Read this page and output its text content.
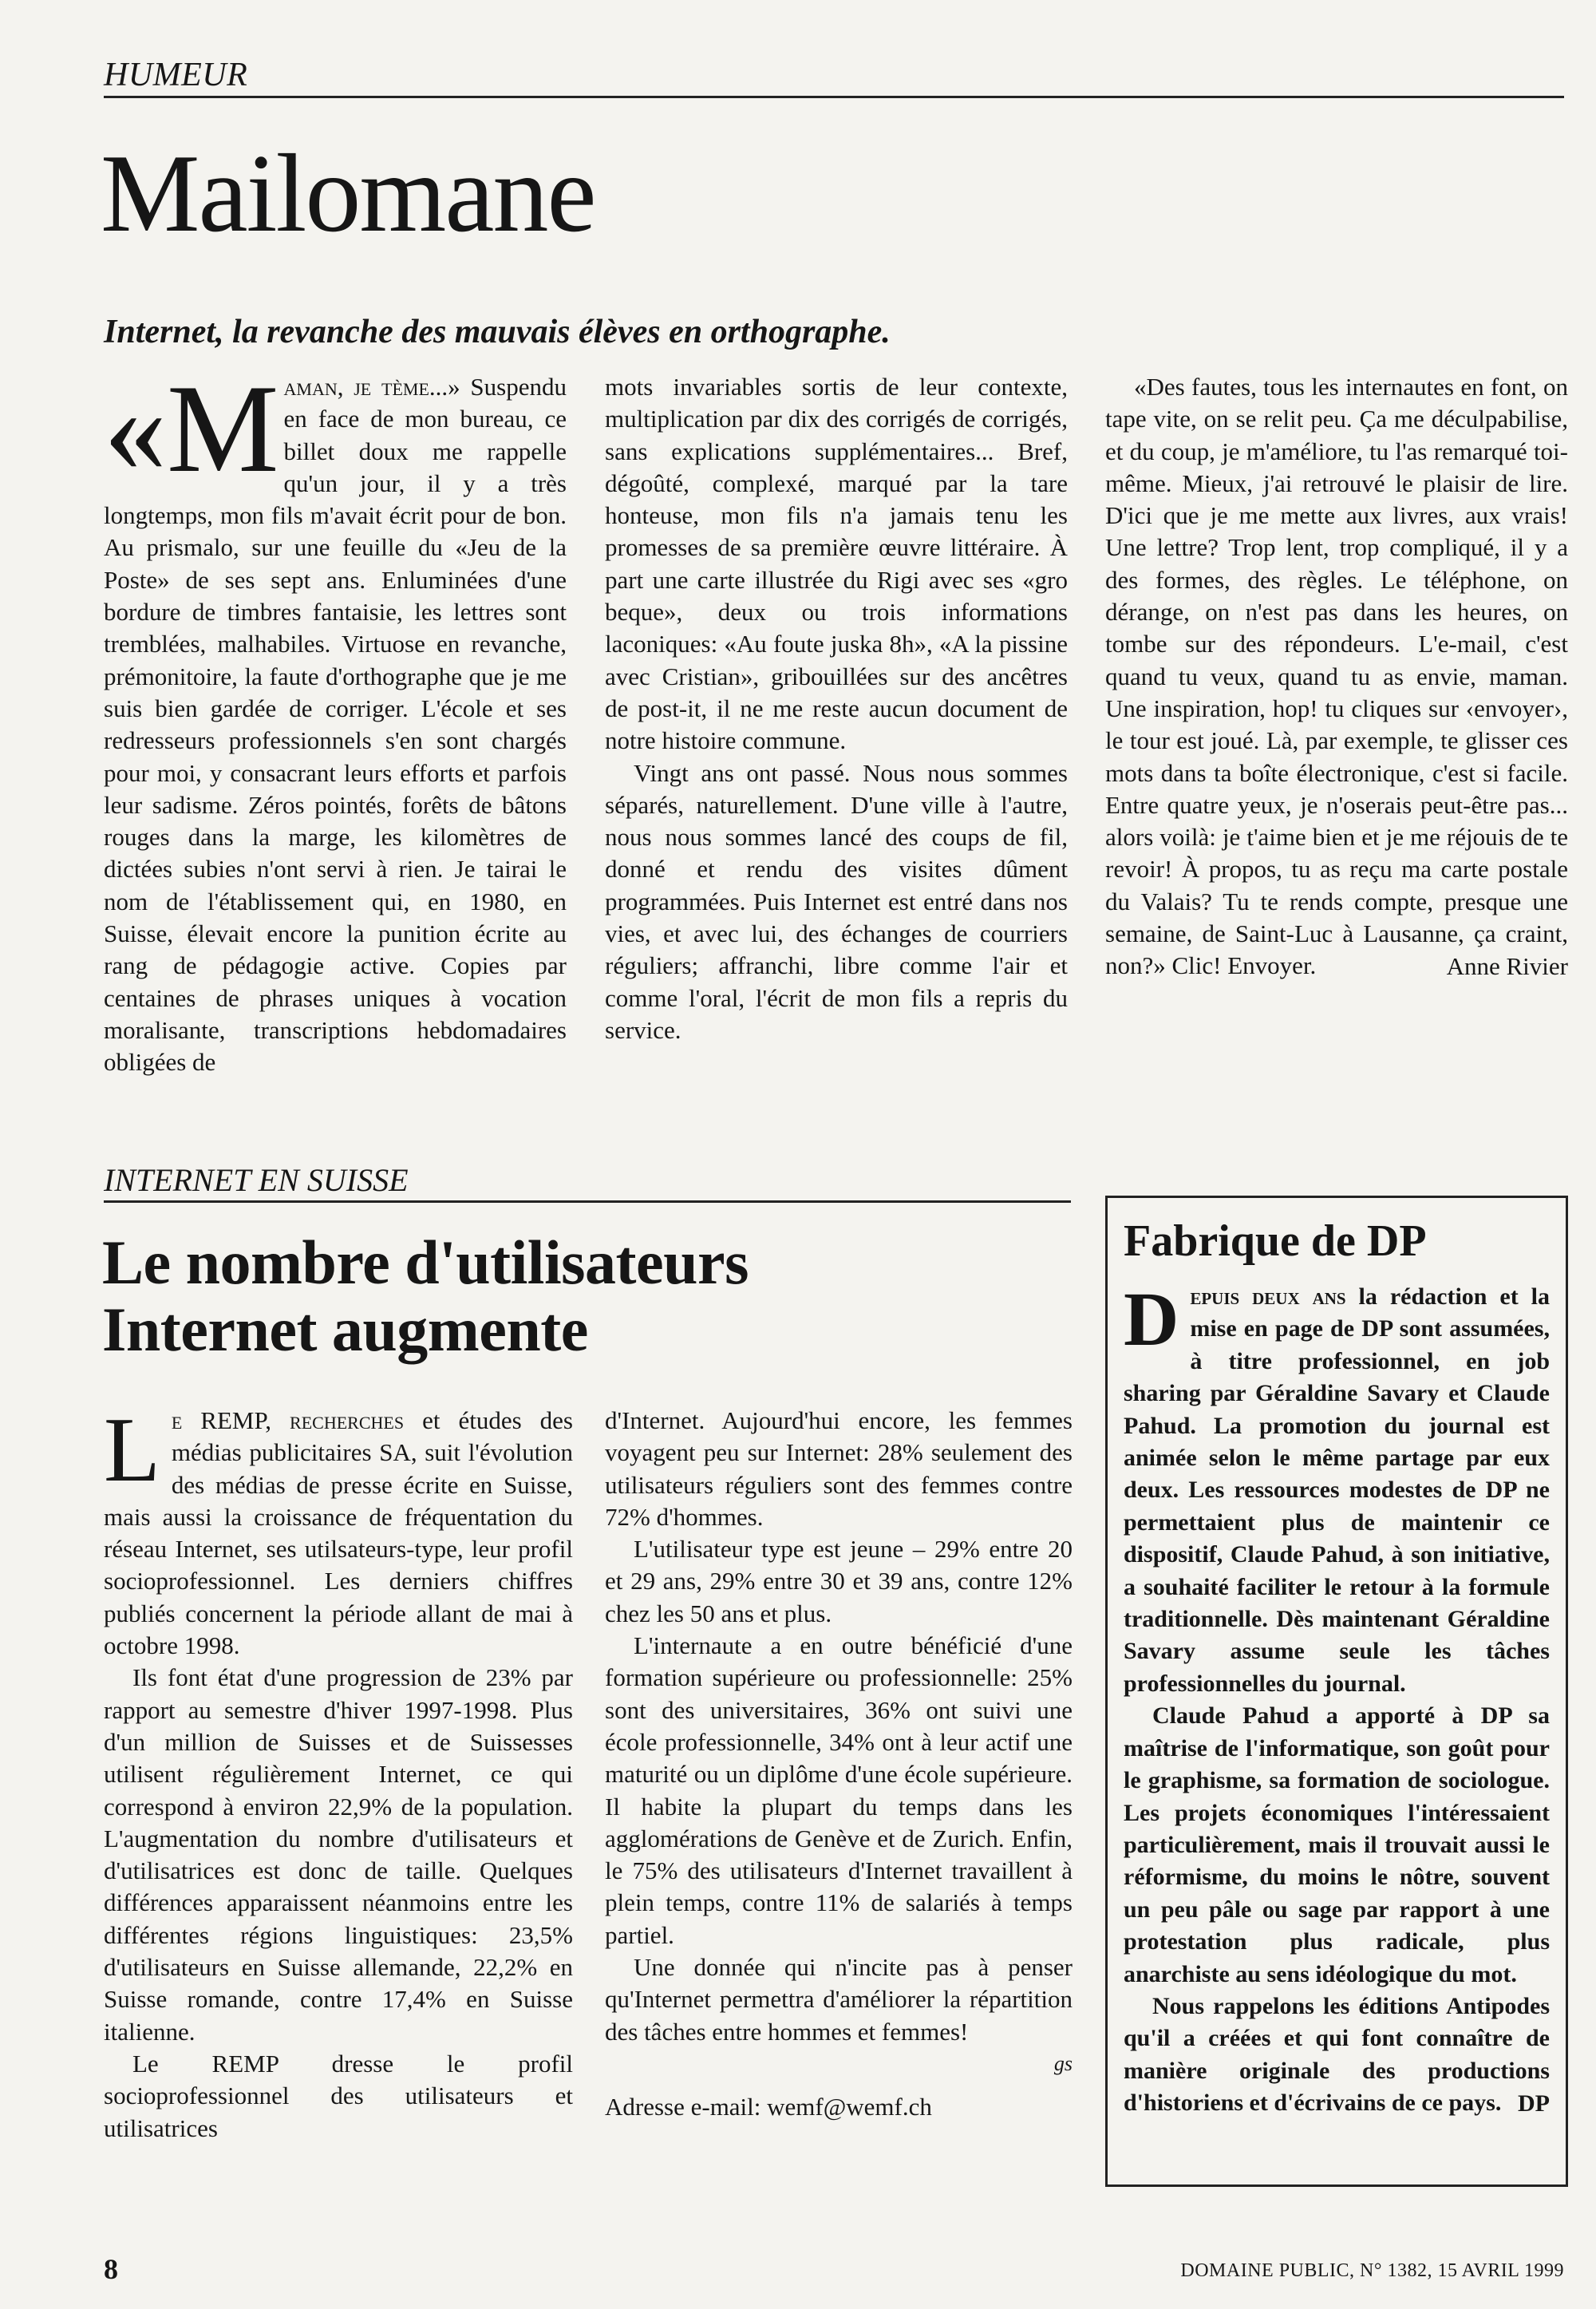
HUMEUR
Mailomane
Internet, la revanche des mauvais élèves en orthographe.

«Maman, je tème...» Suspendu en face de mon bureau, ce billet doux me rappelle qu'un jour, il y a très longtemps, mon fils m'avait écrit pour de bon. Au prismalo, sur une feuille du «Jeu de la Poste» de ses sept ans. Enluminées d'une bordure de timbres fantaisie, les lettres sont tremblées, malhabiles. Virtuose en revanche, prémonitoire, la faute d'orthographe que je me suis bien gardée de corriger. L'école et ses redresseurs professionnels s'en sont chargés pour moi, y consacrant leurs efforts et parfois leur sadisme. Zéros pointés, forêts de bâtons rouges dans la marge, les kilomètres de dictées subies n'ont servi à rien. Je tairai le nom de l'établissement qui, en 1980, en Suisse, élevait encore la punition écrite au rang de pédagogie active. Copies par centaines de phrases uniques à vocation moralisante, transcriptions hebdomadaires obligées de

mots invariables sortis de leur contexte, multiplication par dix des corrigés de corrigés, sans explications supplémentaires... Bref, dégoûté, complexé, marqué par la tare honteuse, mon fils n'a jamais tenu les promesses de sa première œuvre littéraire. À part une carte illustrée du Rigi avec ses «gro beque», deux ou trois informations laconiques: «Au foute juska 8h», «A la pissine avec Cristian», gribouillées sur des ancêtres de post-it, il ne me reste aucun document de notre histoire commune.

Vingt ans ont passé. Nous nous sommes séparés, naturellement. D'une ville à l'autre, nous nous sommes lancé des coups de fil, donné et rendu des visites dûment programmées. Puis Internet est entré dans nos vies, et avec lui, des échanges de courriers réguliers; affranchi, libre comme l'air et comme l'oral, l'écrit de mon fils a repris du service.

«Des fautes, tous les internautes en font, on tape vite, on se relit peu. Ça me déculpabilise, et du coup, je m'améliore, tu l'as remarqué toi-même. Mieux, j'ai retrouvé le plaisir de lire. D'ici que je me mette aux livres, aux vrais! Une lettre? Trop lent, trop compliqué, il y a des formes, des règles. Le téléphone, on dérange, on n'est pas dans les heures, on tombe sur des répondeurs. L'e-mail, c'est quand tu veux, quand tu as envie, maman. Une inspiration, hop! tu cliques sur ‹envoyer›, le tour est joué. Là, par exemple, te glisser ces mots dans ta boîte électronique, c'est si facile. Entre quatre yeux, je n'oserais peut-être pas... alors voilà: je t'aime bien et je me réjouis de te revoir! À propos, tu as reçu ma carte postale du Valais? Tu te rends compte, presque une semaine, de Saint-Luc à Lausanne, ça craint, non?» Clic! Envoyer.	Anne Rivier
INTERNET EN SUISSE
Le nombre d'utilisateurs
Internet augmente

Le REMP, recherches et études des médias publicitaires SA, suit l'évolution des médias de presse écrite en Suisse, mais aussi la croissance de fréquentation du réseau Internet, ses utilsateurs-type, leur profil socioprofessionnel. Les derniers chiffres publiés concernent la période allant de mai à octobre 1998.

Ils font état d'une progression de 23% par rapport au semestre d'hiver 1997-1998. Plus d'un million de Suisses et de Suissesses utilisent régulièrement Internet, ce qui correspond à environ 22,9% de la population. L'augmentation du nombre d'utilisateurs et d'utilisatrices est donc de taille. Quelques différences apparaissent néanmoins entre les différentes régions linguistiques: 23,5% d'utilisateurs en Suisse allemande, 22,2% en Suisse romande, contre 17,4% en Suisse italienne.

Le REMP dresse le profil socioprofessionnel des utilisateurs et utilisatrices

d'Internet. Aujourd'hui encore, les femmes voyagent peu sur Internet: 28% seulement des utilisateurs réguliers sont des femmes contre 72% d'hommes.

L'utilisateur type est jeune – 29% entre 20 et 29 ans, 29% entre 30 et 39 ans, contre 12% chez les 50 ans et plus.

L'internaute a en outre bénéficié d'une formation supérieure ou professionnelle: 25% sont des universitaires, 36% ont suivi une école professionnelle, 34% ont à leur actif une maturité ou un diplôme d'une école supérieure. Il habite la plupart du temps dans les agglomérations de Genève et de Zurich. Enfin, le 75% des utilisateurs d'Internet travaillent à plein temps, contre 11% de salariés à temps partiel.

Une donnée qui n'incite pas à penser qu'Internet permettra d'améliorer la répartition des tâches entre hommes et femmes!

gs

Adresse e-mail: wemf@wemf.ch

Fabrique de DP

Depuis deux ans la rédaction et la mise en page de DP sont assumées, à titre professionnel, en job sharing par Géraldine Savary et Claude Pahud. La promotion du journal est animée selon le même partage par eux deux. Les ressources modestes de DP ne permettaient plus de maintenir ce dispositif, Claude Pahud, à son initiative, a souhaité faciliter le retour à la formule traditionnelle. Dès maintenant Géraldine Savary assume seule les tâches professionnelles du journal.

Claude Pahud a apporté à DP sa maîtrise de l'informatique, son goût pour le graphisme, sa formation de sociologue. Les projets économiques l'intéressaient particulièrement, mais il trouvait aussi le réformisme, du moins le nôtre, souvent un peu pâle ou sage par rapport à une protestation plus radicale, plus anarchiste au sens idéologique du mot.

Nous rappelons les éditions Antipodes qu'il a créées et qui font connaître de manière originale des productions d'historiens et d'écrivains de ce pays. DP
8	DOMAINE PUBLIC, N° 1382, 15 AVRIL 1999
